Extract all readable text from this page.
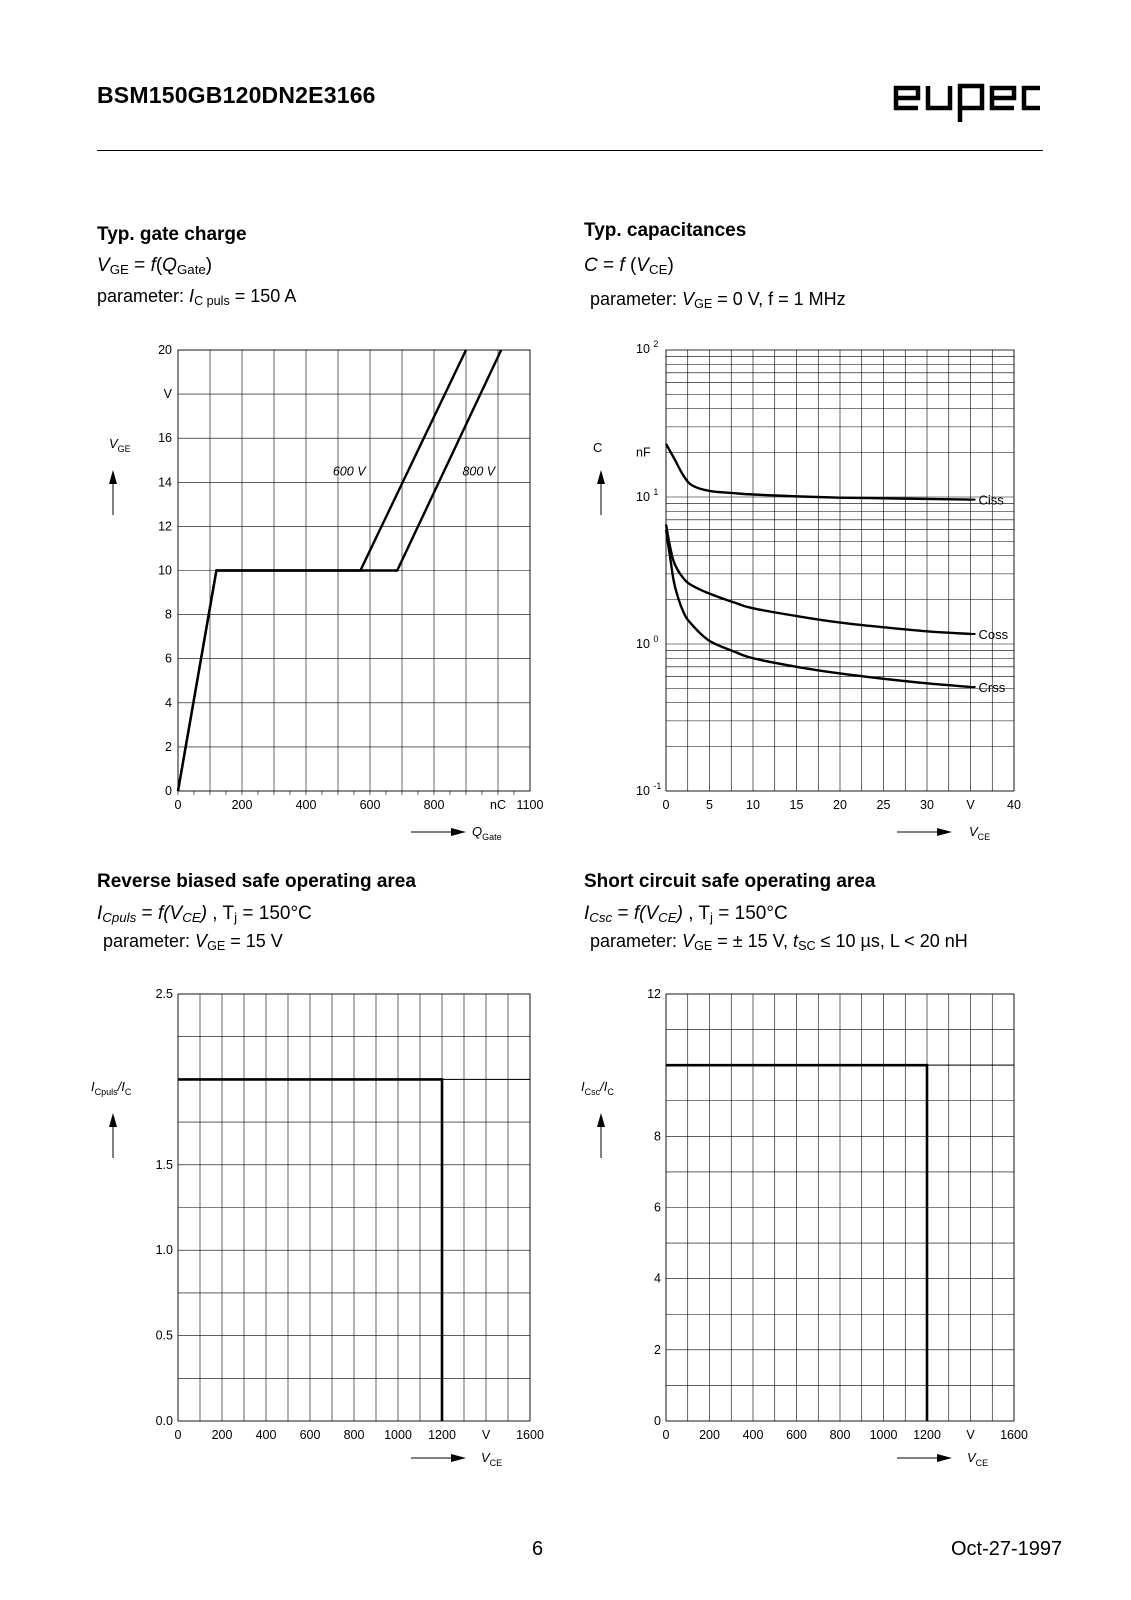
BSM150GB120DN2E3166
Typ. gate charge
$V_{GE} = f(Q_{Gate})$
parameter: $I_{C puls} = 150$ A
0	200	400	600	800	nC 1100
0
2
4
6
8
10
12
14
16
V
20
600 V	800 V
$V_{GE}$
$Q_{Gate}$
0	5	10 15 20 25 30	V	40
10 $^{-1}$
10 $^0$
10 $^1$
10 $^2$
nF
C
$V_{CE}$
Ciss
Coss
Crss
0 200 400 600 800 1000 1200 V 1600
0.0
0.5
1.0
1.5
2.5
$I_{Cpuls}/I_C$
$V_{CE}$
0 200 400 600 800 1000 1200 V 1600
0
2
4
6
8
12
$I_{Csc}/I_C$
$V_{CE}$
Typ. capacitances
C = f $(V_{CE})$
parameter: $V_{GE} = 0$ V, f = 1 MHz
Reverse biased safe operating area
$I_{Cpuls} = f(V_{CE})$ , $T_j = 150^\circ C$
parameter: $V_{GE} = 15$ V
Short circuit safe operating area
$I_{Csc} = f(V_{CE})$ , $T_j = 150^\circ C$
parameter: $V_{GE}$ = ± 15 V, $t_{SC} \le 10$ µs, L < 20 nH
6	Oct-27-1997
